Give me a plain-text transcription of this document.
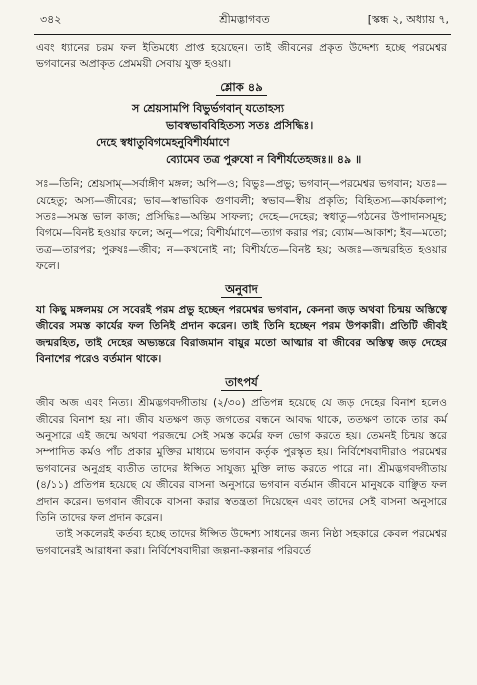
৩৪২	শ্রীমদ্ভাগবত	[স্কন্ধ ২, অধ্যায় ৭,

এবং ধ্যানের চরম ফল ইতিমধ্যে প্রাপ্ত হয়েছেন। তাই জীবনের প্রকৃত উদ্দেশ্য হচ্ছে পরমেশ্বর ভগবানের অপ্রাকৃত প্রেমময়ী সেবায় যুক্ত হওয়া।

শ্লোক ৪৯
স শ্রেয়সামপি বিভুর্ভগবান্ যতোহস্য
ভাবস্বভাববিহিতস্য সতঃ প্রসিদ্ধিঃ।
দেহে স্বধাতুবিগমেহনুবিশীর্যমাণে
ব্যোমেব তত্র পুরুষো ন বিশীর্যতেহজঃ॥ ৪৯ ॥

সঃ—তিনি; শ্রেয়সাম্—সর্বাঙ্গীণ মঙ্গল; অপি—ও; বিভুঃ—প্রভু; ভগবান্—পরমেশ্বর ভগবান; যতঃ—যেহেতু; অস্য—জীবের; ভাব—স্বাভাবিক গুণাবলী; স্বভাব—স্বীয় প্রকৃতি; বিহিতস্য—কার্যকলাপ; সতঃ—সমস্ত ভাল কাজ; প্রসিদ্ধিঃ—অন্তিম সাফল্য; দেহে—দেহের; স্বধাতু—গঠনের উপাদানসমূহ; বিগমে—বিনষ্ট হওয়ার ফলে; অনু—পরে; বিশীর্যমাণে—ত্যাগ করার পর; ব্যোম—আকাশ; ইব—মতো; তত্র—তারপর; পুরুষঃ—জীব; ন—কখনোই না; বিশীর্যতে—বিনষ্ট হয়; অজঃ—জন্মরহিত হওয়ার ফলে।

অনুবাদ

যা কিছু মঙ্গলময় সে সবেরই পরম প্রভু হচ্ছেন পরমেশ্বর ভগবান, কেননা জড় অথবা চিন্ময় অস্তিত্বে জীবের সমস্ত কার্যের ফল তিনিই প্রদান করেন। তাই তিনি হচ্ছেন পরম উপকারী। প্রতিটি জীবই জন্মরহিত, তাই দেহের অভ্যন্তরে বিরাজমান বায়ুর মতো আত্মার বা জীবের অস্তিত্ব জড় দেহের বিনাশের পরেও বর্তমান থাকে।

তাৎপর্য

জীব অজ এবং নিত্য। শ্রীমদ্ভগবদ্গীতায় (২/৩০) প্রতিপন্ন হয়েছে যে জড় দেহের বিনাশ হলেও জীবের বিনাশ হয় না। জীব যতক্ষণ জড় জগতের বন্ধনে আবদ্ধ থাকে, ততক্ষণ তাকে তার কর্ম অনুসারে এই জন্মে অথবা পরজন্মে সেই সমস্ত কর্মের ফল ভোগ করতে হয়। তেমনই চিন্ময় স্তরে সম্পাদিত কর্মও পাঁচ প্রকার মুক্তির মাধ্যমে ভগবান কর্তৃক পুরস্কৃত হয়। নির্বিশেষবাদীরাও পরমেশ্বর ভগবানের অনুগ্রহ ব্যতীত তাদের ঈপ্সিত সাযুজ্য মুক্তি লাভ করতে পারে না। শ্রীমদ্ভগবদ্গীতায় (৪/১১) প্রতিপন্ন হয়েছে যে জীবের বাসনা অনুসারে ভগবান বর্তমান জীবনে মানুষকে বাঞ্ছিত ফল প্রদান করেন। ভগবান জীবকে বাসনা করার স্বতন্ত্রতা দিয়েছেন এবং তাদের সেই বাসনা অনুসারে তিনি তাদের ফল প্রদান করেন।

তাই সকলেরই কর্তব্য হচ্ছে তাদের ঈপ্সিত উদ্দেশ্য সাধনের জন্য নিষ্ঠা সহকারে কেবল পরমেশ্বর ভগবানেরই আরাধনা করা। নির্বিশেষবাদীরা জল্পনা-কল্পনার পরিবর্তে
